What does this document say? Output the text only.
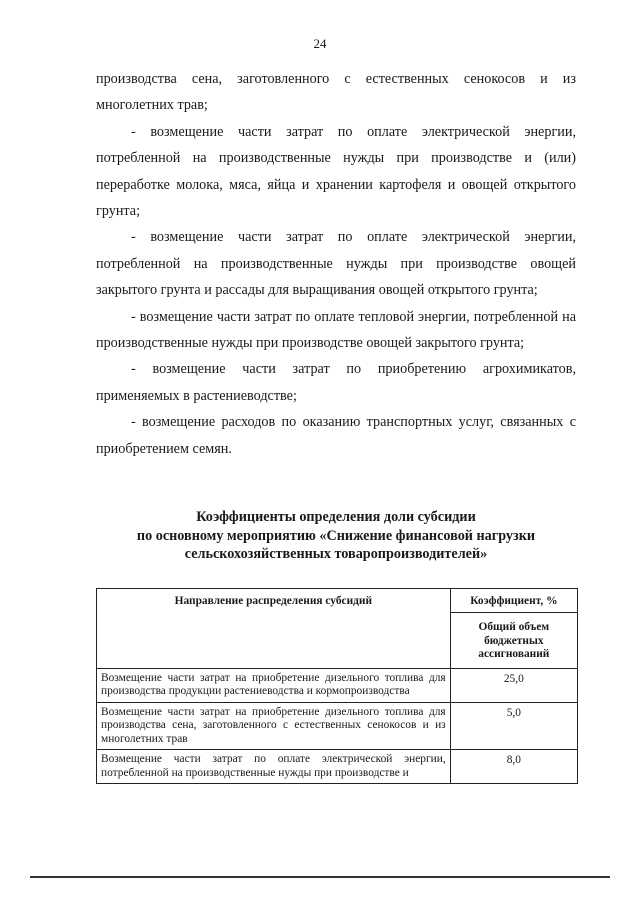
24

производства сена, заготовленного с естественных сенокосов и из многолетних трав;

- возмещение части затрат по оплате электрической энергии, потребленной на производственные нужды при производстве и (или) переработке молока, мяса, яйца и хранении картофеля и овощей открытого грунта;

- возмещение части затрат по оплате электрической энергии, потребленной на производственные нужды при производстве овощей закрытого грунта и рассады для выращивания овощей открытого грунта;

- возмещение части затрат по оплате тепловой энергии, потребленной на производственные нужды при производстве овощей закрытого грунта;

- возмещение части затрат по приобретению агрохимикатов, применяемых в растениеводстве;

- возмещение расходов по оказанию транспортных услуг, связанных с приобретением семян.

Коэффициенты определения доли субсидии
по основному мероприятию «Снижение финансовой нагрузки
сельскохозяйственных товаропроизводителей»
Направление распределения субсидий	Коэффициент, %
	Общий объем бюджетных ассигнований
Возмещение части затрат на приобретение дизельного топлива для производства продукции растениеводства и кормопроизводства	25,0
Возмещение части затрат на приобретение дизельного топлива для производства сена, заготовленного с естественных сенокосов и из многолетних трав	5,0
Возмещение части затрат по оплате электрической энергии, потребленной на производственные нужды при производстве и	8,0
